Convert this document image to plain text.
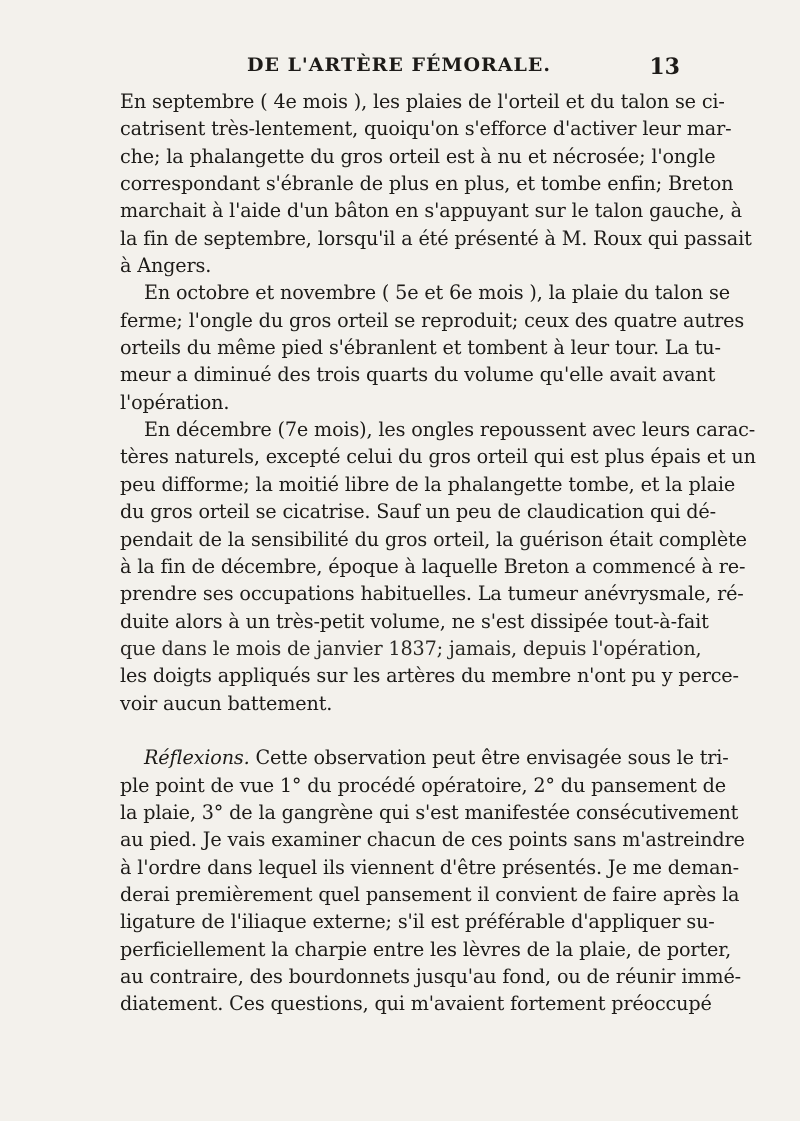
DE L'ARTÈRE FÉMORALE.	13
En septembre ( 4e mois ), les plaies de l'orteil et du talon se ci-
catrisent très-lentement, quoiqu'on s'efforce d'activer leur mar-
che; la phalangette du gros orteil est à nu et nécrosée; l'ongle
correspondant s'ébranle de plus en plus, et tombe enfin; Breton
marchait à l'aide d'un bâton en s'appuyant sur le talon gauche, à
la fin de septembre, lorsqu'il a été présenté à M. Roux qui passait
à Angers.
En octobre et novembre ( 5e et 6e mois ), la plaie du talon se
ferme; l'ongle du gros orteil se reproduit; ceux des quatre autres
orteils du même pied s'ébranlent et tombent à leur tour. La tu-
meur a diminué des trois quarts du volume qu'elle avait avant
l'opération.
En décembre (7e mois), les ongles repoussent avec leurs carac-
tères naturels, excepté celui du gros orteil qui est plus épais et un
peu difforme; la moitié libre de la phalangette tombe, et la plaie
du gros orteil se cicatrise. Sauf un peu de claudication qui dé-
pendait de la sensibilité du gros orteil, la guérison était complète
à la fin de décembre, époque à laquelle Breton a commencé à re-
prendre ses occupations habituelles. La tumeur anévrysmale, ré-
duite alors à un très-petit volume, ne s'est dissipée tout-à-fait
que dans le mois de janvier 1837; jamais, depuis l'opération,
les doigts appliqués sur les artères du membre n'ont pu y perce-
voir aucun battement.
Réflexions. Cette observation peut être envisagée sous le tri-
ple point de vue 1° du procédé opératoire, 2° du pansement de
la plaie, 3° de la gangrène qui s'est manifestée consécutivement
au pied. Je vais examiner chacun de ces points sans m'astreindre
à l'ordre dans lequel ils viennent d'être présentés. Je me deman-
derai premièrement quel pansement il convient de faire après la
ligature de l'iliaque externe; s'il est préférable d'appliquer su-
perficiellement la charpie entre les lèvres de la plaie, de porter,
au contraire, des bourdonnets jusqu'au fond, ou de réunir immé-
diatement. Ces questions, qui m'avaient fortement préoccupé
